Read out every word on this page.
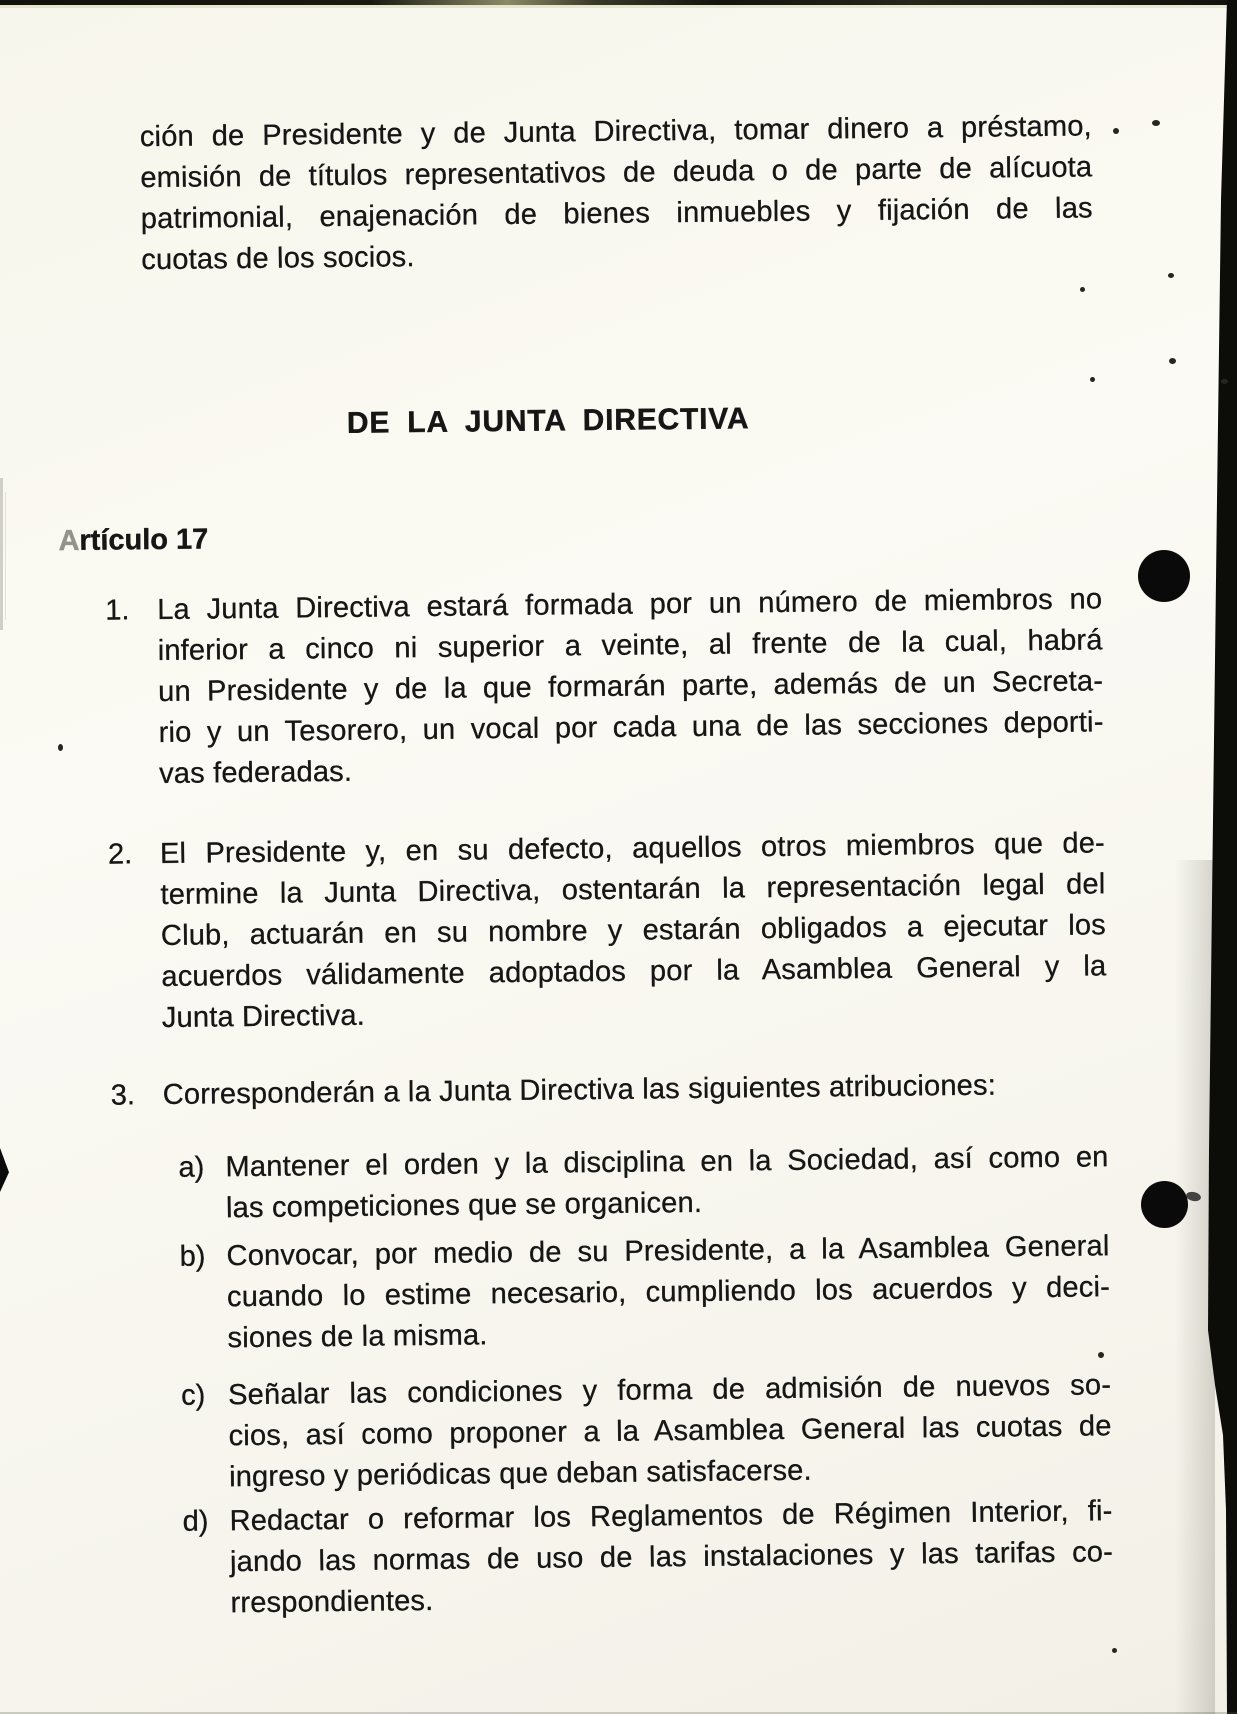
ción de Presidente y de Junta Directiva, tomar dinero a préstamo,
emisión de títulos representativos de deuda o de parte de alícuota
patrimonial, enajenación de bienes inmuebles y fijación de las
cuotas de los socios.
DE LA JUNTA DIRECTIVA
Artículo 17
1. La Junta Directiva estará formada por un número de miembros no
inferior a cinco ni superior a veinte, al frente de la cual, habrá
un Presidente y de la que formarán parte, además de un Secreta-
rio y un Tesorero, un vocal por cada una de las secciones deporti-
vas federadas.
2. El Presidente y, en su defecto, aquellos otros miembros que de-
termine la Junta Directiva, ostentarán la representación legal del
Club, actuarán en su nombre y estarán obligados a ejecutar los
acuerdos válidamente adoptados por la Asamblea General y la
Junta Directiva.
3. Corresponderán a la Junta Directiva las siguientes atribuciones:
a) Mantener el orden y la disciplina en la Sociedad, así como en
las competiciones que se organicen.
b) Convocar, por medio de su Presidente, a la Asamblea General
cuando lo estime necesario, cumpliendo los acuerdos y deci-
siones de la misma.
c) Señalar las condiciones y forma de admisión de nuevos so-
cios, así como proponer a la Asamblea General las cuotas de
ingreso y periódicas que deban satisfacerse.
d) Redactar o reformar los Reglamentos de Régimen Interior, fi-
jando las normas de uso de las instalaciones y las tarifas co-
rrespondientes.
